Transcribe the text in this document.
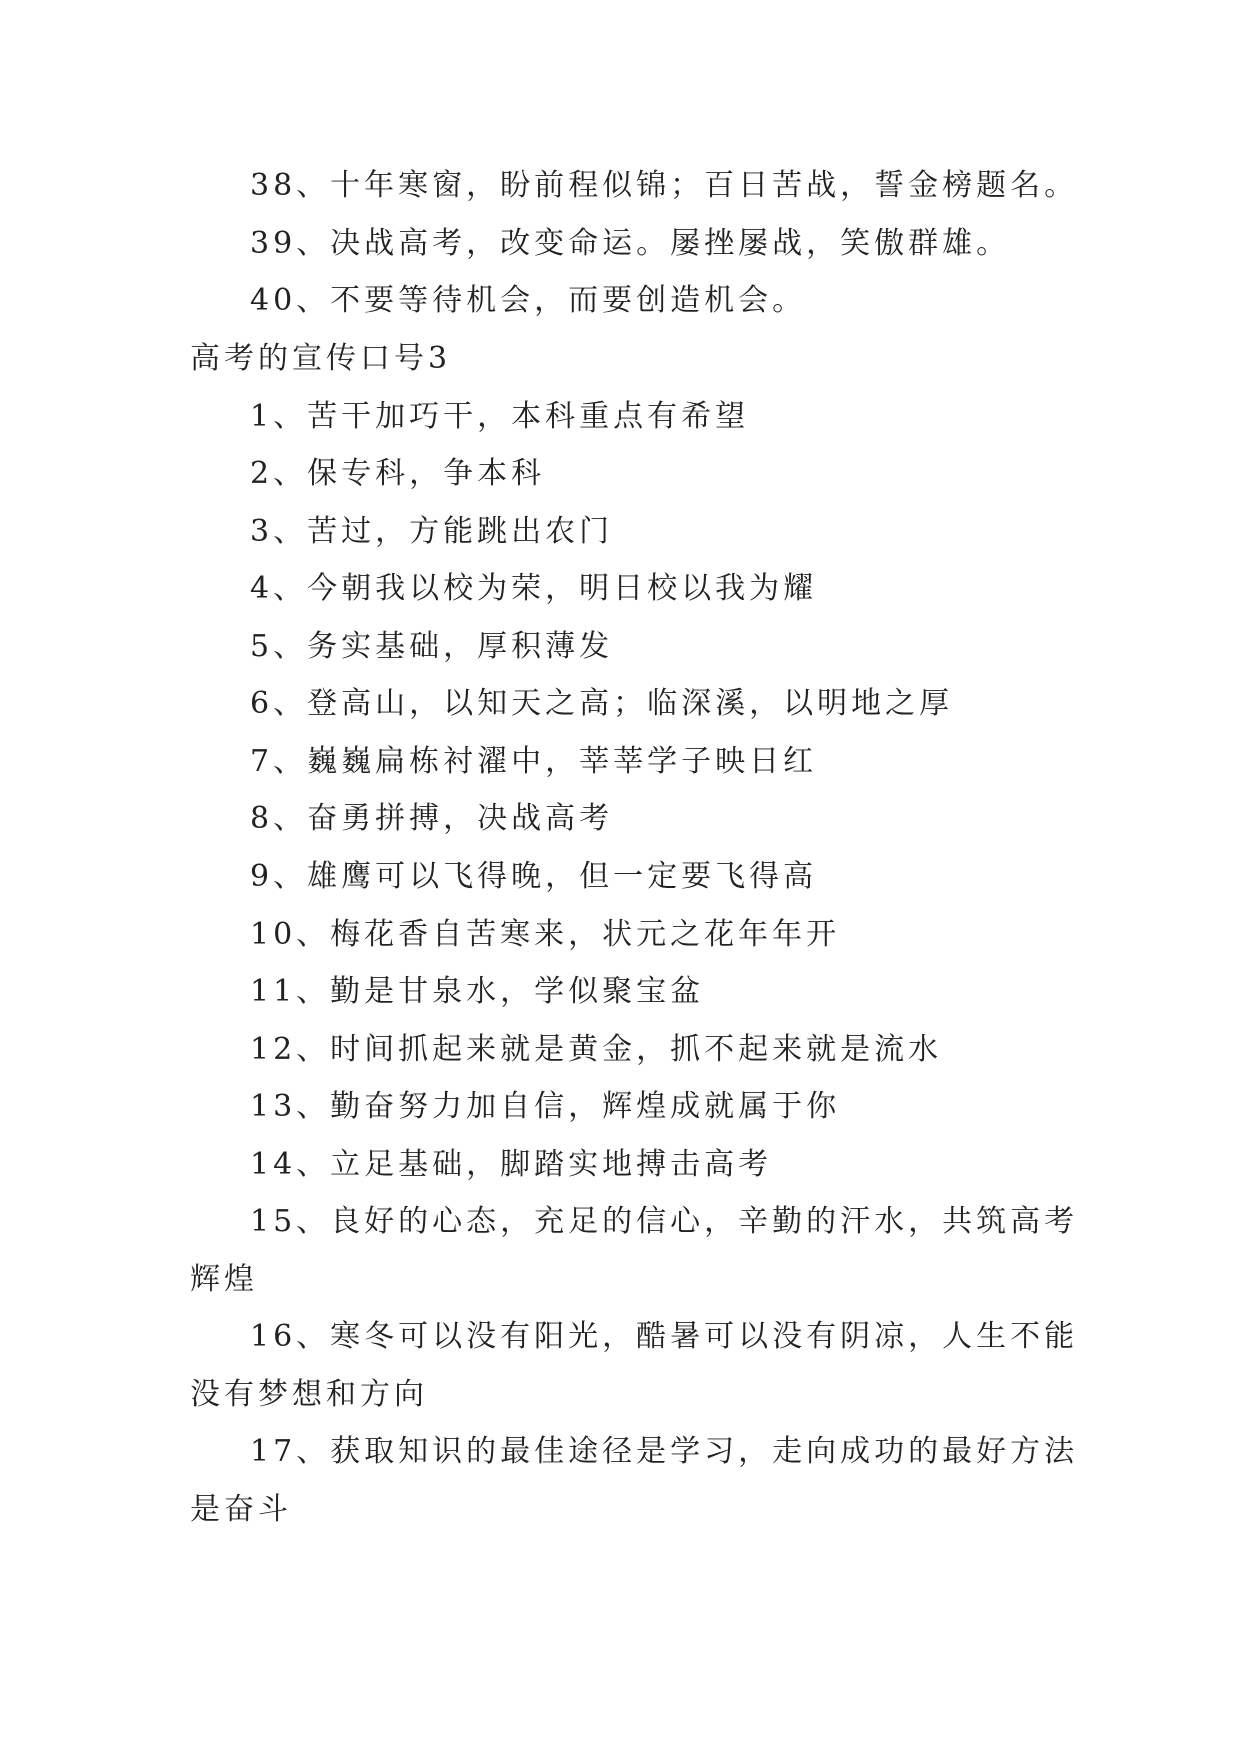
38、十年寒窗，盼前程似锦；百日苦战，誓金榜题名。
39、决战高考，改变命运。屡挫屡战，笑傲群雄。
40、不要等待机会，而要创造机会。
高考的宣传口号3
1、苦干加巧干，本科重点有希望
2、保专科，争本科
3、苦过，方能跳出农门
4、今朝我以校为荣，明日校以我为耀
5、务实基础，厚积薄发
6、登高山，以知天之高；临深溪，以明地之厚
7、巍巍扁栋衬濯中，莘莘学子映日红
8、奋勇拼搏，决战高考
9、雄鹰可以飞得晚，但一定要飞得高
10、梅花香自苦寒来，状元之花年年开
11、勤是甘泉水，学似聚宝盆
12、时间抓起来就是黄金，抓不起来就是流水
13、勤奋努力加自信，辉煌成就属于你
14、立足基础，脚踏实地搏击高考
15、良好的心态，充足的信心，辛勤的汗水，共筑高考
辉煌
16、寒冬可以没有阳光，酷暑可以没有阴凉，人生不能
没有梦想和方向
17、获取知识的最佳途径是学习，走向成功的最好方法
是奋斗
